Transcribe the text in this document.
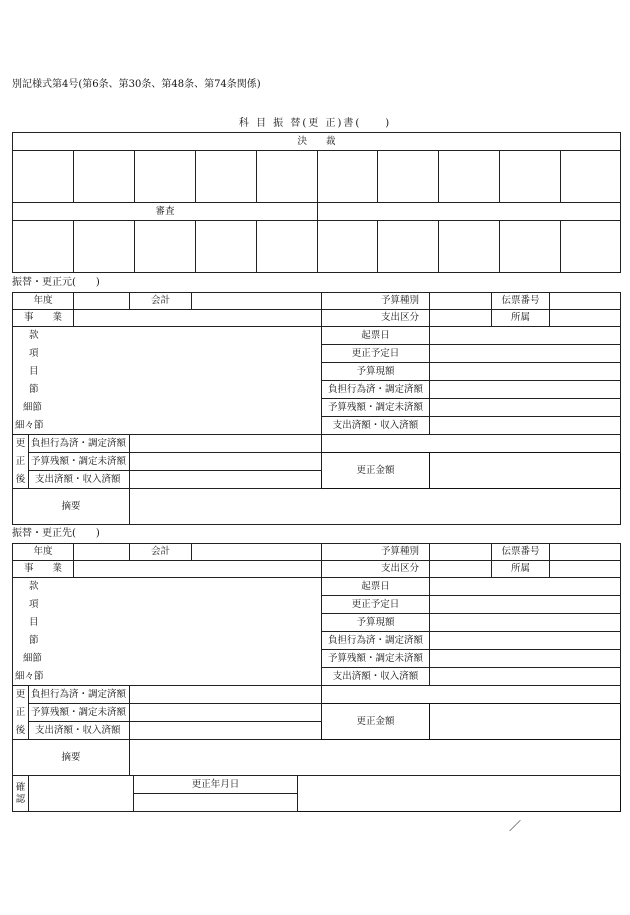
別記様式第4号(第6条、第30条、第48条、第74条関係)
科 目 振 替(更 正)書(　　)
決　　裁									

審査									

振替・更正元(　　)
年度			会計		予算種別		伝票番号	
事　　業					支出区分		所属	
款					起票日			
項					更正予定日			
目					予算現額			
節					負担行為済・調定済額			
細節					予算残額・調定未済額			
細々節					支出済額・収入済額			
更	負担行為済・調定済額							
正	予算残額・調定未済額				更正金額			
後	支出済額・収入済額							
摘要								
振替・更正先(　　)
年度			会計		予算種別		伝票番号	
事　　業					支出区分		所属	
款					起票日			
項					更正予定日			
目					予算現額			
節					負担行為済・調定済額			
細節					予算残額・調定未済額			
細々節					支出済額・収入済額			
更	負担行為済・調定済額							
正	予算残額・調定未済額				更正金額			
後	支出済額・収入済額							
摘要								
確
認		更正年月日	

／
